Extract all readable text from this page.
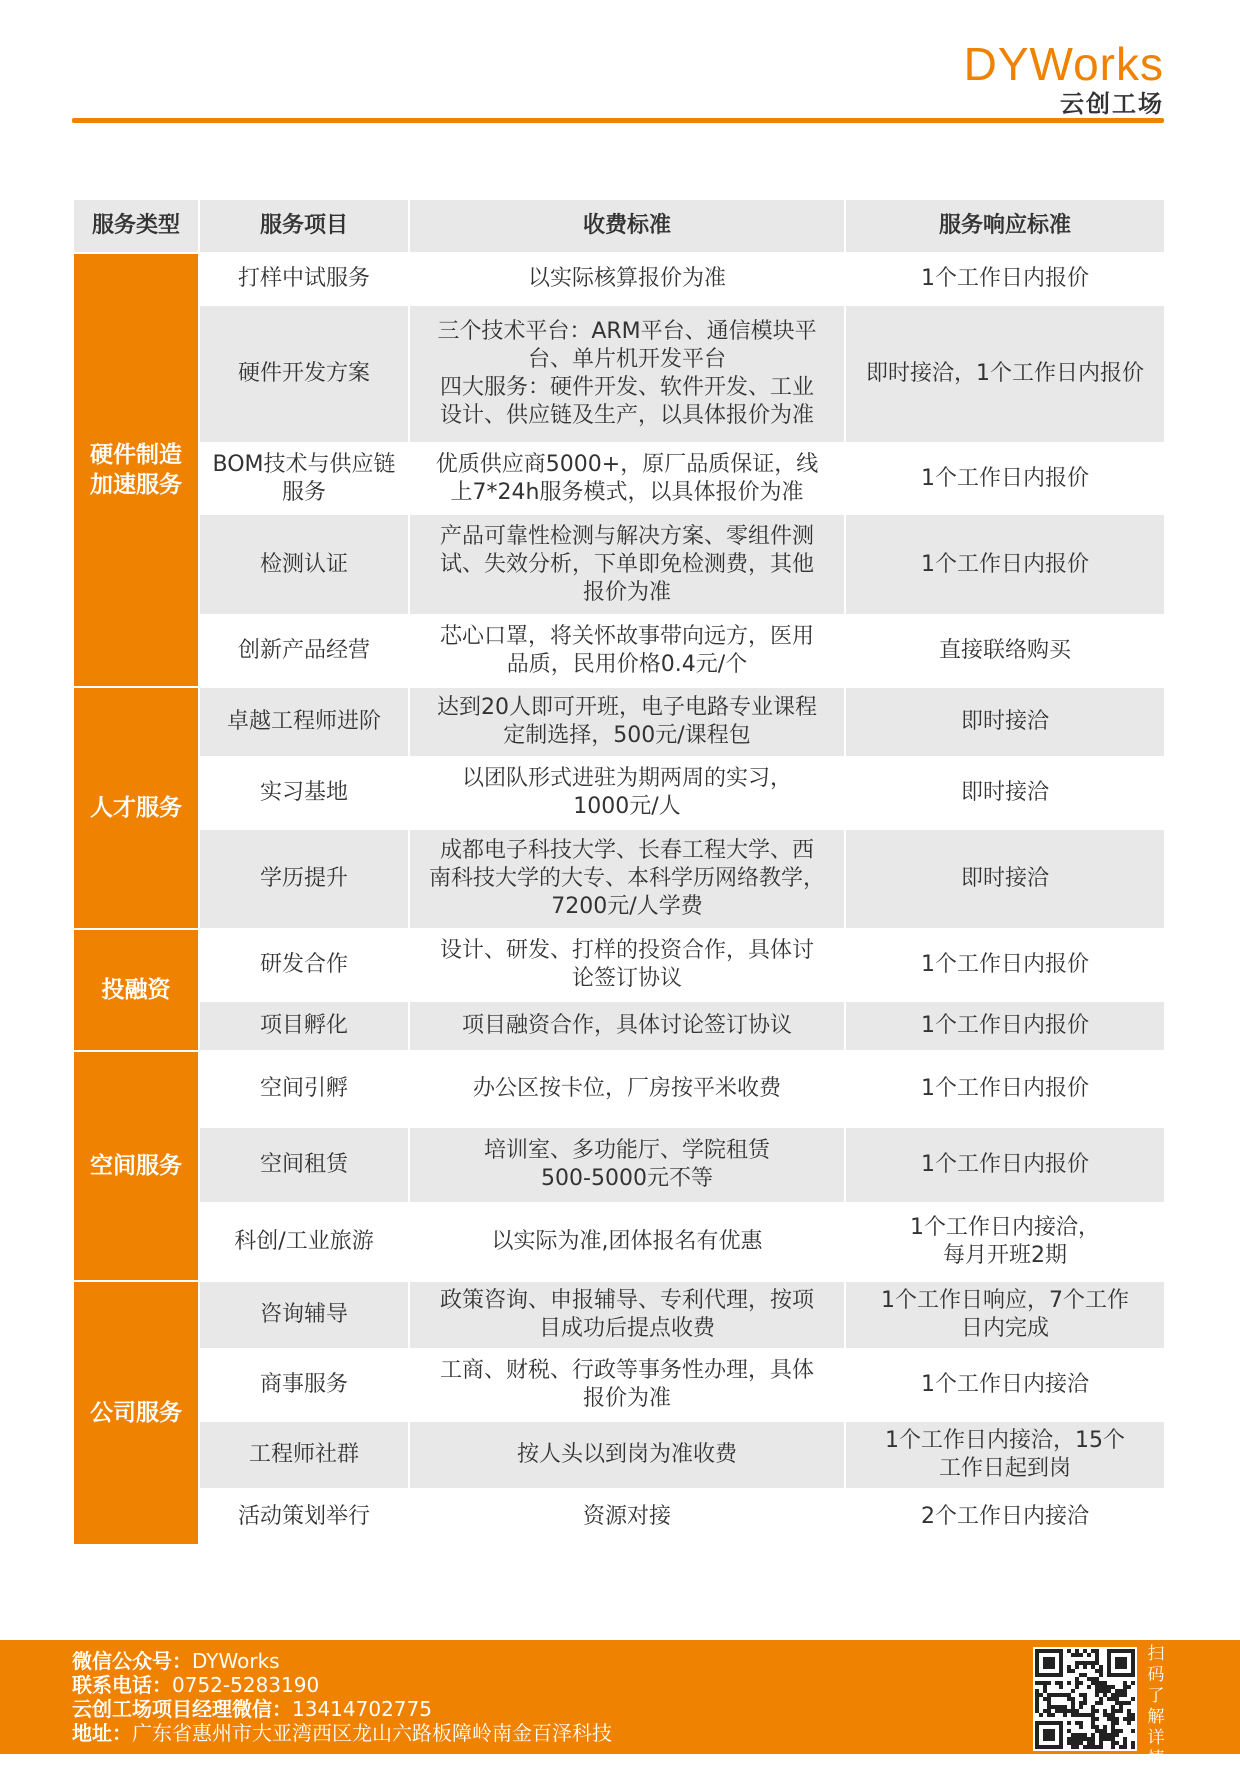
DYWorks
云创工场
服务类型	服务项目	收费标准	服务响应标准
硬件制造
加速服务	打样中试服务	以实际核算报价为准	1个工作日内报价
	硬件开发方案	三个技术平台：ARM平台、通信模块平
台、单片机开发平台
四大服务：硬件开发、软件开发、工业
设计、供应链及生产，以具体报价为准	即时接洽，1个工作日内报价
	BOM技术与供应链
服务	优质供应商5000+，原厂品质保证，线
上7*24h服务模式，以具体报价为准	1个工作日内报价
	检测认证	产品可靠性检测与解决方案、零组件测
试、失效分析，下单即免检测费，其他
报价为准	1个工作日内报价
	创新产品经营	芯心口罩，将关怀故事带向远方，医用
品质，民用价格0.4元/个	直接联络购买
人才服务	卓越工程师进阶	达到20人即可开班，电子电路专业课程
定制选择，500元/课程包	即时接洽
	实习基地	以团队形式进驻为期两周的实习，
1000元/人	即时接洽
	学历提升	成都电子科技大学、长春工程大学、西
南科技大学的大专、本科学历网络教学，
7200元/人学费	即时接洽
投融资	研发合作	设计、研发、打样的投资合作，具体讨
论签订协议	1个工作日内报价
	项目孵化	项目融资合作，具体讨论签订协议	1个工作日内报价
空间服务	空间引孵	办公区按卡位，厂房按平米收费	1个工作日内报价
	空间租赁	培训室、多功能厅、学院租赁
500-5000元不等	1个工作日内报价
	科创/工业旅游	以实际为准,团体报名有优惠	1个工作日内接洽，
每月开班2期
公司服务	咨询辅导	政策咨询、申报辅导、专利代理，按项
目成功后提点收费	1个工作日响应，7个工作
日内完成
	商事服务	工商、财税、行政等事务性办理，具体
报价为准	1个工作日内接洽
	工程师社群	按人头以到岗为准收费	1个工作日内接洽，15个
工作日起到岗
	活动策划举行	资源对接	2个工作日内接洽
微信公众号：DYWorks
联系电话：0752-5283190
云创工场项目经理微信：13414702775
地址：广东省惠州市大亚湾西区龙山六路板障岭南金百泽科技
扫码了解详情
